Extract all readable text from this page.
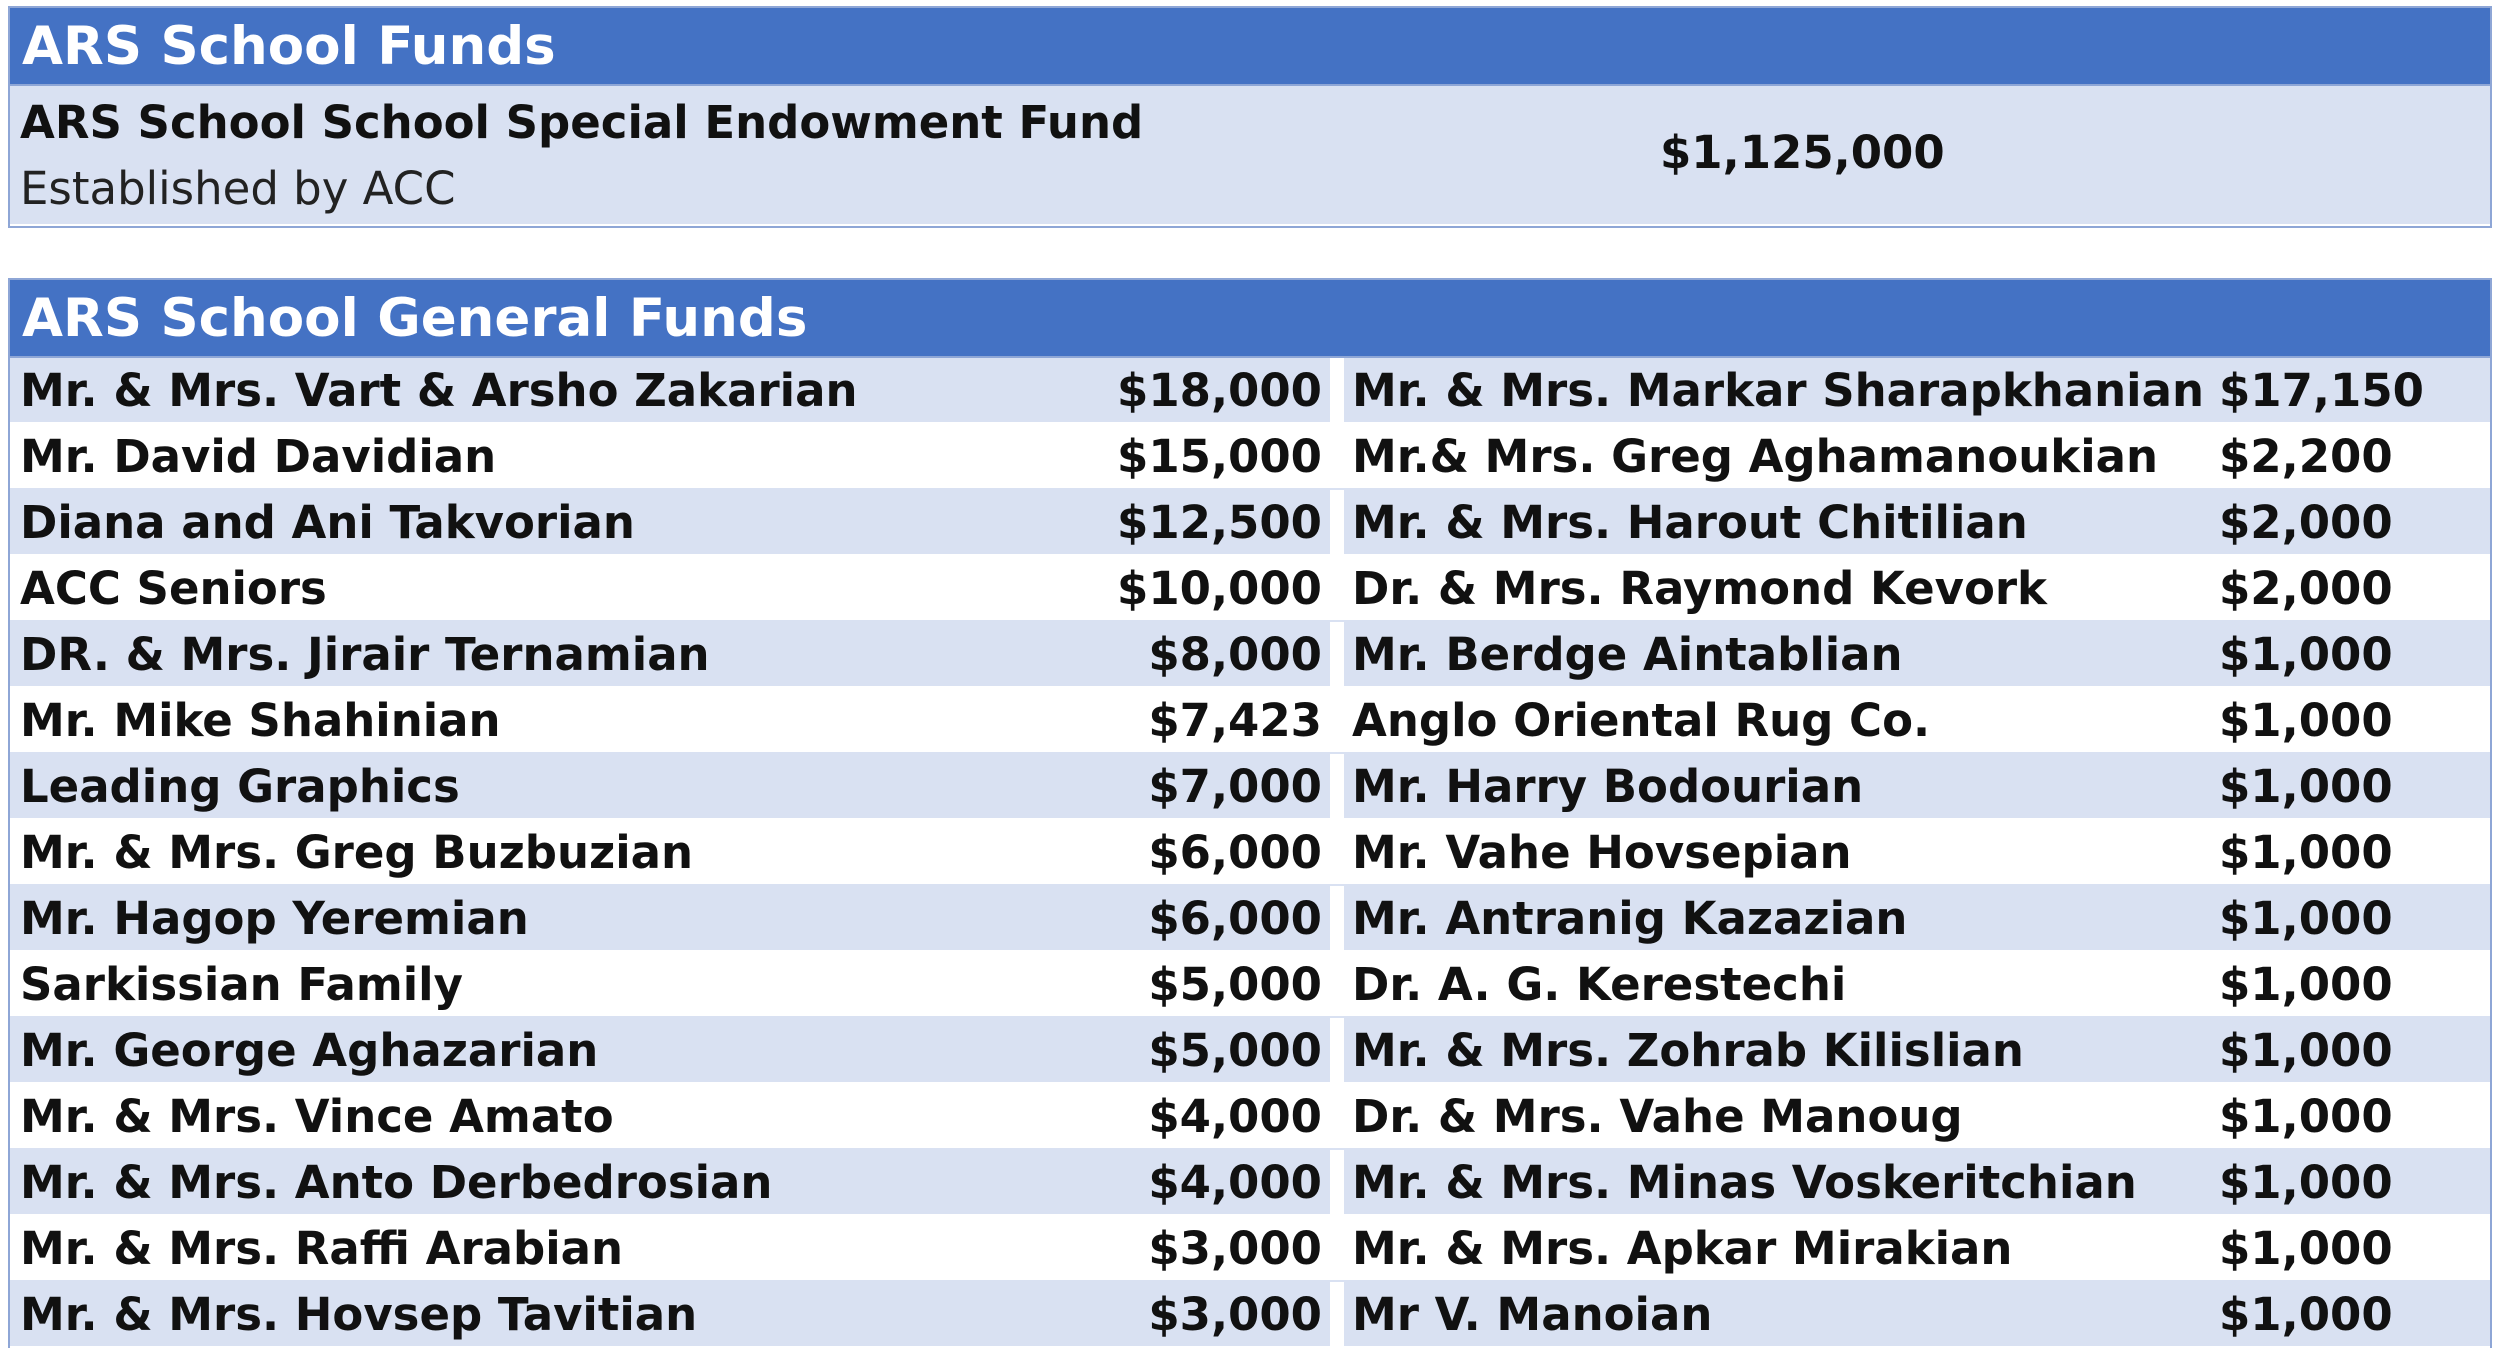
ARS School Funds
ARS School School Special Endowment Fund
Established by ACC
$1,125,000
ARS School General Funds
Mr. & Mrs. Vart & Arsho Zakarian	$18,000		Mr. & Mrs. Markar Sharapkhanian	$17,150
Mr. David Davidian	$15,000		Mr.& Mrs. Greg Aghamanoukian	$2,200
Diana and Ani Takvorian	$12,500		Mr. & Mrs. Harout Chitilian	$2,000
ACC Seniors	$10,000		Dr. & Mrs. Raymond Kevork	$2,000
DR. & Mrs. Jirair Ternamian	$8,000		Mr. Berdge Aintablian	$1,000
Mr. Mike Shahinian	$7,423		Anglo Oriental Rug Co.	$1,000
Leading Graphics	$7,000		Mr. Harry Bodourian	$1,000
Mr. & Mrs. Greg Buzbuzian	$6,000		Mr. Vahe Hovsepian	$1,000
Mr. Hagop Yeremian	$6,000		Mr. Antranig Kazazian	$1,000
Sarkissian Family	$5,000		Dr. A. G. Kerestechi	$1,000
Mr. George Aghazarian	$5,000		Mr. & Mrs. Zohrab Kilislian	$1,000
Mr. & Mrs. Vince Amato	$4,000		Dr. & Mrs. Vahe Manoug	$1,000
Mr. & Mrs. Anto Derbedrosian	$4,000		Mr. & Mrs. Minas Voskeritchian	$1,000
Mr. & Mrs. Raffi Arabian	$3,000		Mr. & Mrs. Apkar Mirakian	$1,000
Mr. & Mrs. Hovsep Tavitian	$3,000		Mr V. Manoian	$1,000
